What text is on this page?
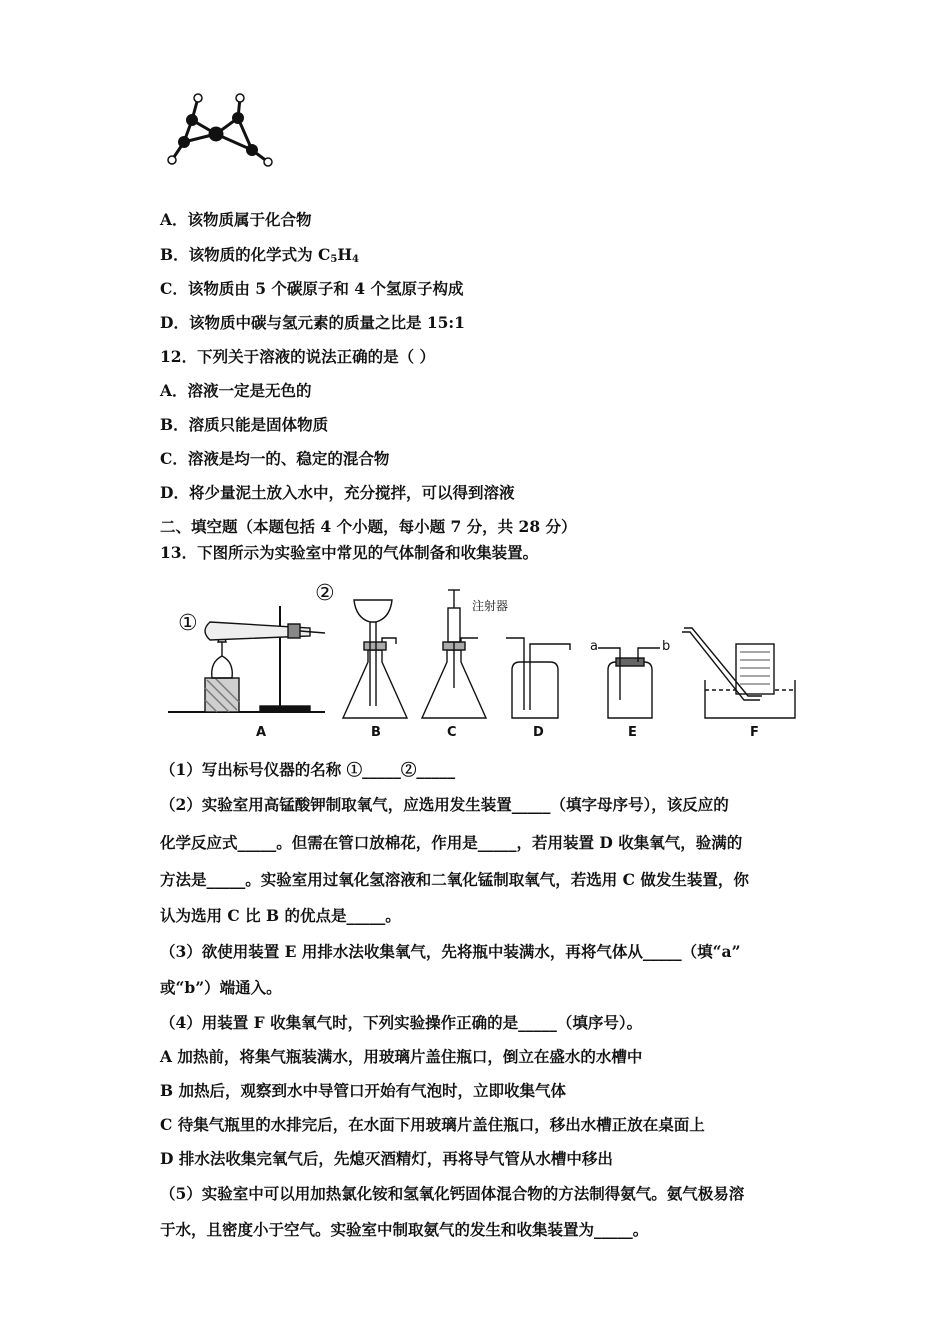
A．该物质属于化合物
B．该物质的化学式为 $C_5H_4$
C．该物质由 5 个碳原子和 4 个氢原子构成
D．该物质中碳与氢元素的质量之比是 15:1
12．下列关于溶液的说法正确的是（ ）
A．溶液一定是无色的
B．溶质只能是固体物质
C．溶液是均一的、稳定的混合物
D．将少量泥土放入水中，充分搅拌，可以得到溶液
二、填空题（本题包括 4 个小题，每小题 7 分，共 28 分）
13．下图所示为实验室中常见的气体制备和收集装置。
①
②	注射器
a	b
A	B	C	D	E	F
（1）写出标号仪器的名称 ①_____②_____
（2）实验室用高锰酸钾制取氧气，应选用发生装置_____（填字母序号），该反应的
化学反应式_____。但需在管口放棉花，作用是_____，若用装置 D 收集氧气，验满的
方法是_____。实验室用过氧化氢溶液和二氧化锰制取氧气，若选用 C 做发生装置，你
认为选用 C 比 B 的优点是_____。
（3）欲使用装置 E 用排水法收集氧气，先将瓶中装满水，再将气体从_____（填“a”
或“b”）端通入。
（4）用装置 F 收集氧气时，下列实验操作正确的是_____（填序号）。
A 加热前，将集气瓶装满水，用玻璃片盖住瓶口，倒立在盛水的水槽中
B 加热后，观察到水中导管口开始有气泡时，立即收集气体
C 待集气瓶里的水排完后，在水面下用玻璃片盖住瓶口，移出水槽正放在桌面上
D 排水法收集完氧气后，先熄灭酒精灯，再将导气管从水槽中移出
（5）实验室中可以用加热氯化铵和氢氧化钙固体混合物的方法制得氨气。氨气极易溶
于水，且密度小于空气。实验室中制取氨气的发生和收集装置为_____。
